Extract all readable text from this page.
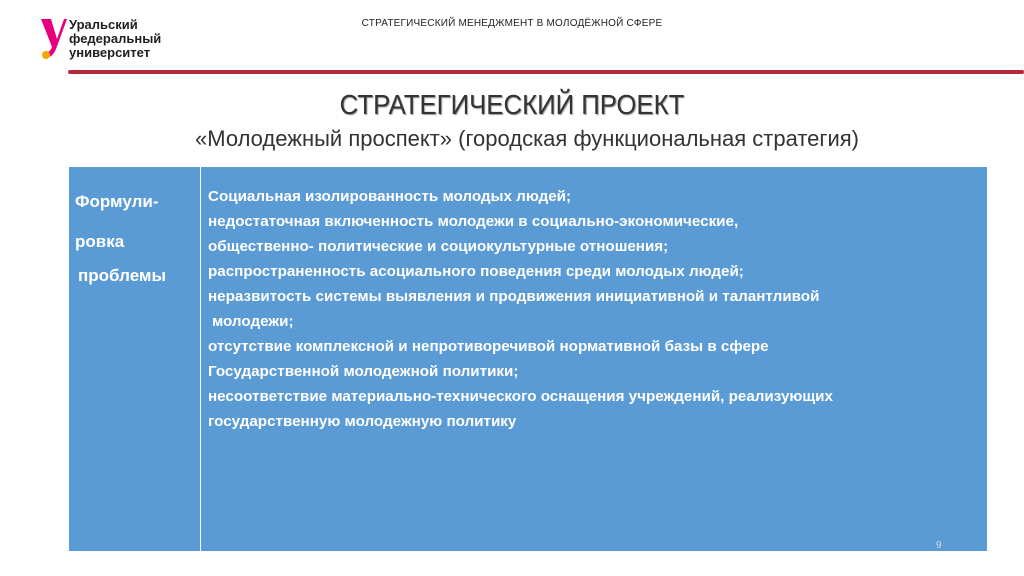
Уральский
федеральный
университет
СТРАТЕГИЧЕСКИЙ МЕНЕДЖМЕНТ В МОЛОДЁЖНОЙ СФЕРЕ
СТРАТЕГИЧЕСКИЙ ПРОЕКТ
«Молодежный проспект» (городская функциональная стратегия)
Формули-
ровка
проблемы
Социальная изолированность молодых людей;
недостаточная включенность молодежи в социально-экономические,
общественно- политические и социокультурные отношения;
распространенность асоциального поведения среди молодых людей;
неразвитость системы выявления и продвижения инициативной и талантливой
молодежи;
отсутствие комплексной и непротиворечивой нормативной базы в сфере
Государственной молодежной политики;
несоответствие материально-технического оснащения учреждений, реализующих
государственную молодежную политику
9
